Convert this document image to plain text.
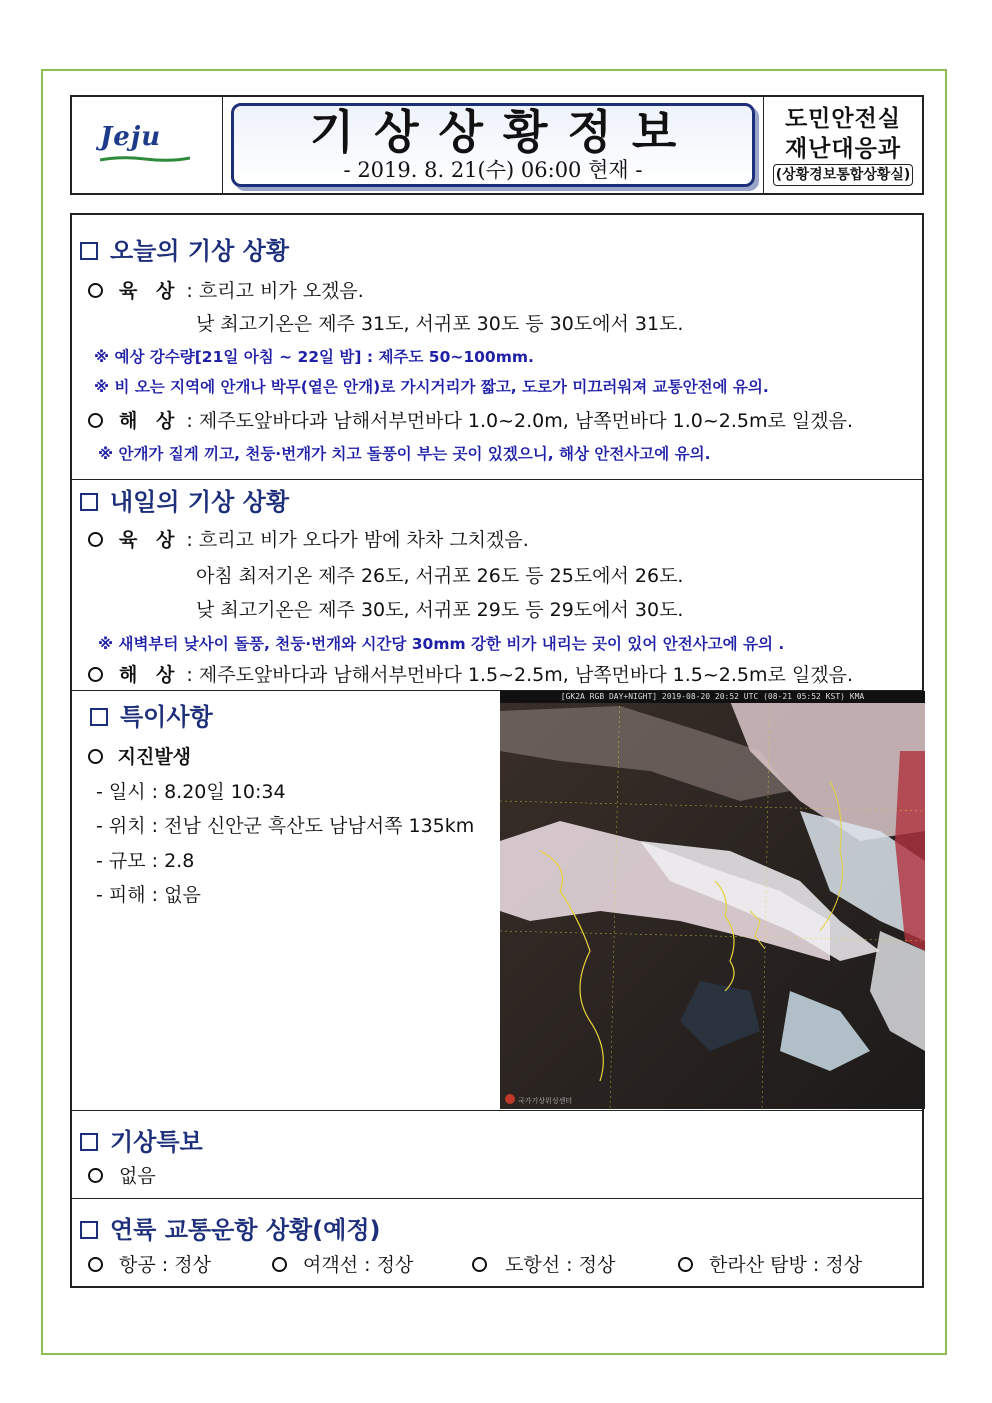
Jeju	기상상황정보
- 2019. 8. 21(수) 06:00 현재 -
도민안전실
재난대응과
(상황경보통합상황실)
오늘의 기상 상황
육 상 : 흐리고 비가 오겠음.
낮 최고기온은 제주 31도, 서귀포 30도 등 30도에서 31도.
※ 예상 강수량[21일 아침 ~ 22일 밤] : 제주도 50~100mm.
※ 비 오는 지역에 안개나 박무(옅은 안개)로 가시거리가 짧고, 도로가 미끄러워져 교통안전에 유의.
해 상 : 제주도앞바다과 남해서부먼바다 1.0~2.0m, 남쪽먼바다 1.0~2.5m로 일겠음.
※ 안개가 짙게 끼고, 천둥·번개가 치고 돌풍이 부는 곳이 있겠으니, 해상 안전사고에 유의.
내일의 기상 상황
육 상 : 흐리고 비가 오다가 밤에 차차 그치겠음.
아침 최저기온 제주 26도, 서귀포 26도 등 25도에서 26도.
낮 최고기온은 제주 30도, 서귀포 29도 등 29도에서 30도.
※ 새벽부터 낮사이 돌풍, 천둥·번개와 시간당 30mm 강한 비가 내리는 곳이 있어 안전사고에 유의 .
해 상 : 제주도앞바다과 남해서부먼바다 1.5~2.5m, 남쪽먼바다 1.5~2.5m로 일겠음.
특이사항
지진발생
- 일시 : 8.20일 10:34
- 위치 : 전남 신안군 흑산도 남남서쪽 135km
- 규모 : 2.8
- 피해 : 없음
[GK2A RGB DAY+NIGHT] 2019-08-20 20:52 UTC (08-21 05:52 KST) KMA
국가기상위성센터
기상특보
없음
연륙 교통운항 상황(예정)
항공 : 정상	여객선 : 정상	도항선 : 정상	한라산 탐방 : 정상
